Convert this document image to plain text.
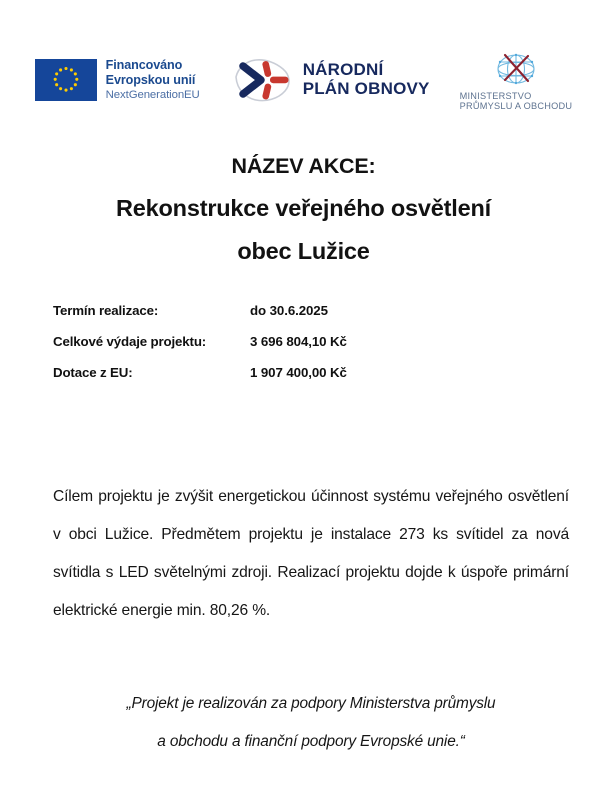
Financováno
Evropskou unií
NextGenerationEU
NÁRODNÍ
PLÁN OBNOVY	MINISTERSTVO
PRŮMYSLU A OBCHODU
NÁZEV AKCE:
Rekonstrukce veřejného osvětlení
obec Lužice
Termín realizace:	do 30.6.2025
Celkové výdaje projektu:	3 696 804,10 Kč
Dotace z EU:	1 907 400,00 Kč
Cílem projektu je zvýšit energetickou účinnost systému veřejného osvětlení v obci Lužice. Předmětem projektu je instalace 273 ks svítidel za nová svítidla s LED světelnými zdroji. Realizací projektu dojde k úspoře primární elektrické energie min. 80,26 %.
„Projekt je realizován za podpory Ministerstva průmyslu
a obchodu a finanční podpory Evropské unie.“
